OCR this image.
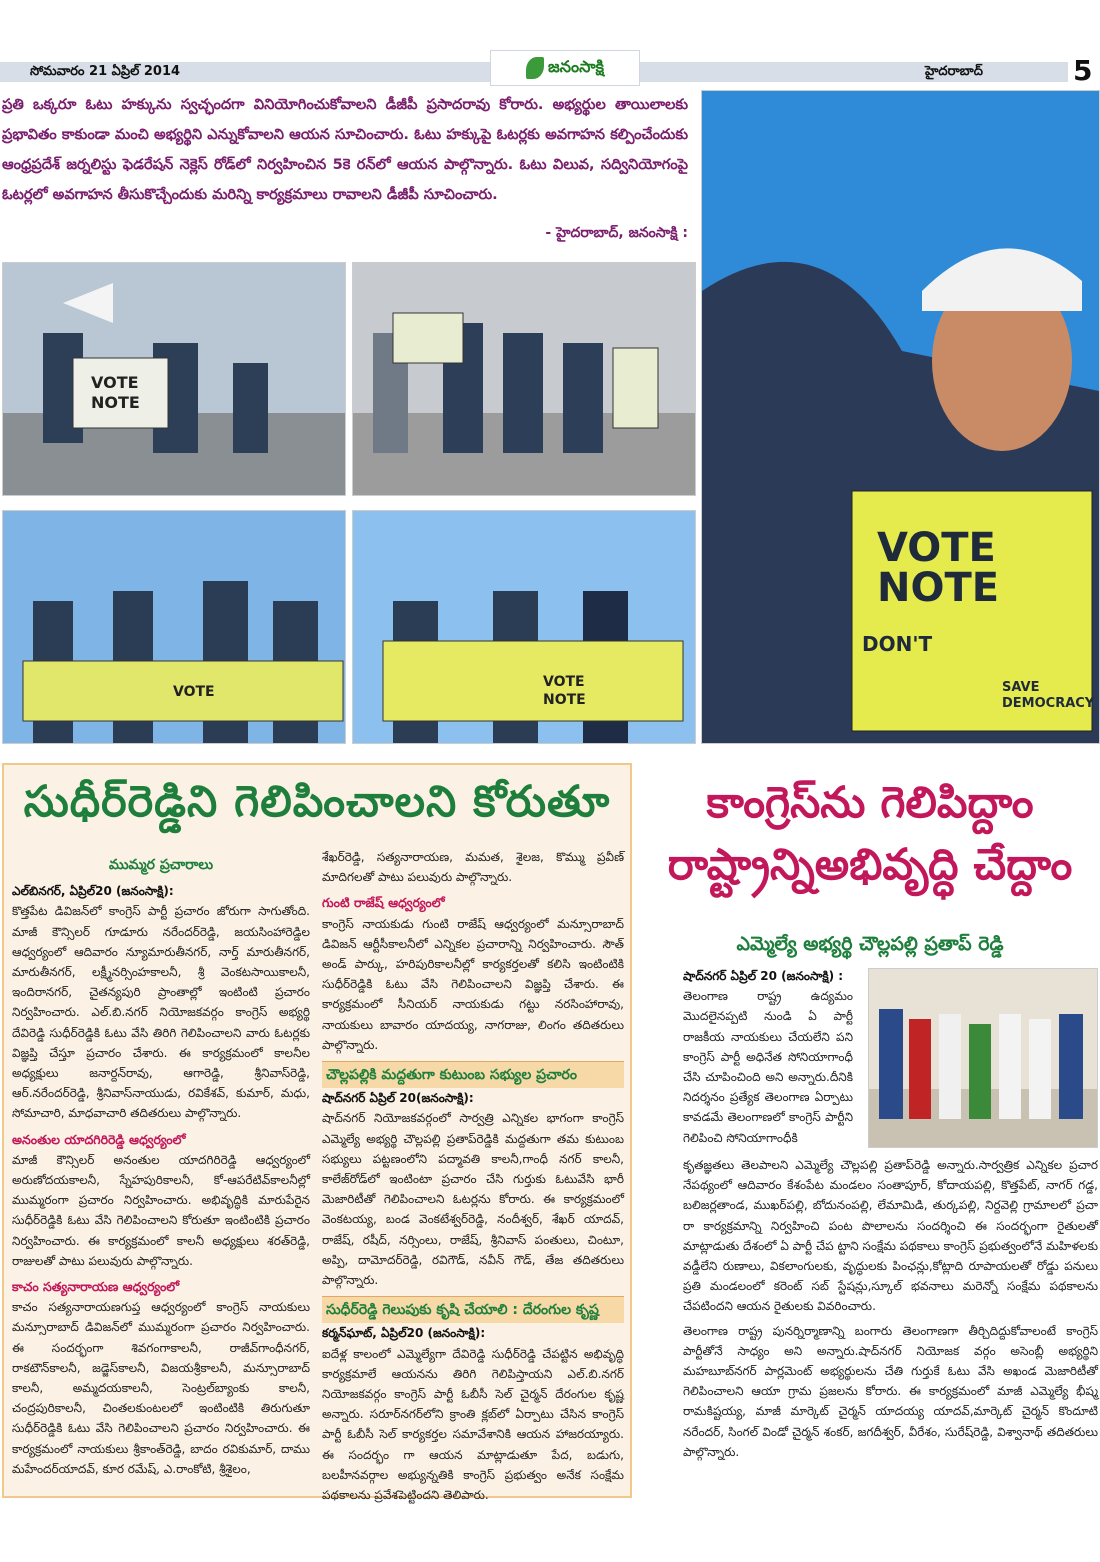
సోమవారం 21 ఏప్రిల్ 2014	జనంసాక్షి	హైదరాబాద్	5
ప్రతి ఒక్కరూ ఓటు హక్కును స్వచ్ఛందగా వినియోగించుకోవాలని డీజీపీ ప్రసాదరావు కోరారు. అభ్యర్థుల తాయిలాలకు ప్రభావితం కాకుండా మంచి అభ్యర్థిని ఎన్నుకోవాలని ఆయన సూచించారు. ఓటు హక్కుపై ఓటర్లకు అవగాహన కల్పించేందుకు ఆంధ్రప్రదేశ్ జర్నలిస్టు ఫెడరేషన్ నెక్లెస్ రోడ్‌లో నిర్వహించిన 5కె రన్‌లో ఆయన పాల్గొన్నారు. ఓటు విలువ, సద్వినియోగంపై ఓటర్లలో అవగాహన తీసుకొచ్చేందుకు మరిన్ని కార్యక్రమాలు రావాలని డీజీపీ సూచించారు.
- హైదరాబాద్, జనంసాక్షి :
VOTE
NOTE
VOTE
VOTE
NOTE
VOTE
NOTE
DON'T
SAVE
DEMOCRACY
సుధీర్‌రెడ్డిని గెలిపించాలని కోరుతూ
ముమ్మర ప్రచారాలు
ఎల్‌బినగర్, ఏప్రిల్20 (జనంసాక్షి):
కొత్తపేట డివిజన్‌లో కాంగ్రెస్ పార్టీ ప్రచారం జోరుగా సాగుతోంది. మాజీ కౌన్సిలర్ గూడూరు నరేందర్‌రెడ్డి, జయసింహారెడ్డిల ఆధ్వర్యంలో ఆదివారం న్యూమారుతీనగర్, నార్త్ మారుతీనగర్, మారుతీనగర్, లక్ష్మీనర్సింహకాలనీ, శ్రీ వెంకటసాయికాలనీ, ఇందిరానగర్, చైతన్యపురి ప్రాంతాల్లో ఇంటింటి ప్రచారం నిర్వహించారు. ఎల్.బి.నగర్ నియోజకవర్గం కాంగ్రెస్ అభ్యర్థి దేవిరెడ్డి సుధీర్‌రెడ్డికి ఓటు వేసి తిరిగి గెలిపించాలని వారు ఓటర్లకు విజ్ఞప్తి చేస్తూ ప్రచారం చేశారు. ఈ కార్యక్రమంలో కాలనీల అధ్యక్షులు జనార్దన్‌రావు, ఆగారెడ్డి, శ్రీనివాస్‌రెడ్డి, ఆర్.నరేందర్‌రెడ్డి, శ్రీనివాస్‌నాయుడు, రవికేశవ్, కుమార్, మధు, సోమాచారి, మాధవాచారి తదితరులు పాల్గొన్నారు.
అనంతుల యాదగిరిరెడ్డి ఆధ్వర్యంలో
మాజీ కౌన్సిలర్ అనంతుల యాదగిరిరెడ్డి ఆధ్వర్యంలో అరుణోదయకాలనీ, స్నేహపురికాలనీ, కో-ఆపరేటివ్‌కాలనీల్లో ముమ్మరంగా ప్రచారం నిర్వహించారు. అభివృద్ధికి మారుపేరైన సుధీర్‌రెడ్డికి ఓటు వేసి గెలిపించాలని కోరుతూ ఇంటింటికి ప్రచారం నిర్వహించారు. ఈ కార్యక్రమంలో కాలనీ అధ్యక్షులు శరత్‌రెడ్డి, రాజులతో పాటు పలువురు పాల్గొన్నారు.
కాచం సత్యనారాయణ ఆధ్వర్యంలో
కాచం సత్యనారాయణగుప్త ఆధ్వర్యంలో కాంగ్రెస్ నాయకులు మన్సూరాబాద్ డివిజన్‌లో ముమ్మరంగా ప్రచారం నిర్వహించారు. ఈ సందర్భంగా శివగంగాకాలనీ, రాజీవ్‌గాంధీనగర్, రాకటౌన్‌కాలనీ, జడ్జెస్‌కాలనీ, విజయశ్రీకాలనీ, మన్సూరాబాద్ కాలనీ, అమ్మదయకాలనీ, సెంట్రల్‌బ్యాంకు కాలనీ, చంద్రపురికాలనీ, చింతలకుంటలలో ఇంటింటికి తిరుగుతూ సుధీర్‌రెడ్డికి ఓటు వేసి గెలిపించాలని ప్రచారం నిర్వహించారు. ఈ కార్యక్రమంలో నాయకులు శ్రీకాంత్‌రెడ్డి, బాదం రవికుమార్, దాము మహేందర్‌యాదవ్, కూర రమేష్, ఎ.రాంకోటి, శ్రీశైలం,
శేఖర్‌రెడ్డి, సత్యనారాయణ, మమత, శైలజ, కొమ్ము ప్రవీణ్ మాదిగలతో పాటు పలువురు పాల్గొన్నారు.
గుంటి రాజేష్ ఆధ్వర్యంలో
కాంగ్రెస్ నాయకుడు గుంటి రాజేష్ ఆధ్వర్యంలో మన్సూరాబాద్ డివిజన్ ఆర్టీసీకాలనీలో ఎన్నికల ప్రచారాన్ని నిర్వహించారు. సౌత్ అండ్ పార్కు, హరిపురికాలనీల్లో కార్యకర్తలతో కలిసి ఇంటింటికి సుధీర్‌రెడ్డికి ఓటు వేసి గెలిపించాలని విజ్ఞప్తి చేశారు. ఈ కార్యక్రమంలో సీనియర్ నాయకుడు గట్టు నరసింహారావు, నాయకులు బావారం యాదయ్య, నాగరాజు, లింగం తదితరులు పాల్గొన్నారు.
చౌల్లపల్లికి మద్దతుగా కుటుంబ సభ్యుల ప్రచారం
షాద్‌నగర్ ఏప్రిల్ 20(జనంసాక్షి):
షాద్‌నగర్ నియోజకవర్గంలో సార్వత్రి ఎన్నికల భాగంగా కాంగ్రెస్ ఎమ్మెల్యే అభ్యర్థి చౌల్లపల్లి ప్రతాప్‌రెడ్డికి మద్దతుగా తమ కుటుంబ సభ్యులు పట్టణంలోని పద్మావతి కాలనీ,గాంధీ నగర్ కాలనీ, కాలేజ్‌రోడ్‌లో ఇంటింటా ప్రచారం చేసి గుర్తుకు ఓటువేసి భారీ మెజారిటీతో గెలిపించాలని ఓటర్లను కోరారు. ఈ కార్యక్రమంలో వెంకటయ్య, బండ వెంకటేశ్వర్‌రెడ్డి, నందీశ్వర్, శేఖర్ యాదవ్, రాజేష్, రషీద్, నర్సింలు, రాజేష్, శ్రీనివాస్ పంతులు, చింటూ, అప్పి, దామోదర్‌రెడ్డి, రవిగౌడ్, నవీన్ గౌడ్, తేజ తదితరులు పాల్గొన్నారు.
సుధీర్‌రెడ్డి గెలుపుకు కృషి చేయాలి : దేరంగుల కృష్ణ
కర్మన్‌ఘాట్, ఏప్రిల్20 (జనంసాక్షి):
ఐదేళ్ల కాలంలో ఎమ్మెల్యేగా దేవిరెడ్డి సుధీర్‌రెడ్డి చేపట్టిన అభివృద్ధి కార్యక్రమాలే ఆయనను తిరిగి గెలిపిస్తాయని ఎల్.బి.నగర్ నియోజకవర్గం కాంగ్రెస్ పార్టీ ఓబీసీ సెల్ చైర్మన్ దేరంగుల కృష్ణ అన్నారు. సరూర్‌నగర్‌లోని క్రాంతి క్లబ్‌లో ఏర్పాటు చేసిన కాంగ్రెస్ పార్టీ ఓబీసీ సెల్ కార్యకర్తల సమావేశానికి ఆయన హాజరయ్యారు. ఈ సందర్భం గా ఆయన మాట్లాడుతూ పేద, బడుగు, బలహీనవర్గాల అభ్యున్నతికి కాంగ్రెస్ ప్రభుత్వం అనేక సంక్షేమ పథకాలను ప్రవేశపెట్టిందని తెలిపారు.
కాంగ్రెస్‌ను గెలిపిద్దాం
రాష్ట్రాన్నిఅభివృద్ధి చేద్దాం
ఎమ్మెల్యే అభ్యర్థి చౌల్లపల్లి ప్రతాప్ రెడ్డి
షాద్‌నగర్ ఏప్రిల్ 20 (జనంసాక్షి) :
తెలంగాణ రాష్ట్ర ఉద్యమం మొదలైనప్పటి నుండి ఏ పార్టీ రాజకీయ నాయకులు చేయలేని పని కాంగ్రెస్ పార్టీ అధినేత సోనియాగాంధీ చేసి చూపించింది అని అన్నారు.దీనికి నిదర్శనం ప్రత్యేక తెలంగాణ ఏర్పాటు కావడమే తెలంగాణలో కాంగ్రెస్ పార్టీని గెలిపించి సోనియాగాంధీకి
కృతజ్ఞతలు తెలపాలని ఎమ్మెల్యే చౌల్లపల్లి ప్రతాప్‌రెడ్డి అన్నారు.సార్వత్రిక ఎన్నికల ప్రచార నేపథ్యంలో ఆదివారం కేశంపేట మండలం సంతాపూర్, కోదాయపల్లి, కొత్తపేట్, నాగర్ గడ్డ, బలిజర్లతాండ, ముఖర్‌పల్లి, బోదునంపల్లి, లేమామిడి, తుర్కపల్లి, నిర్దవెల్లి గ్రామాలలో ప్రచా రా కార్యక్రమాన్ని నిర్వహించి పంట పొలాలను సందర్శించి ఈ సందర్భంగా రైతులతో మాట్లాడుతు దేశంలో ఏ పార్టీ చేప ట్టాని సంక్షేమ పథకాలు కాంగ్రెస్ ప్రభుత్వంలోనే మహిళలకు వడ్డీలేని రుణాలు, వికలాంగులకు, వృద్ధులకు పింఛన్లు,కోట్లాది రూపాయలతో రోడ్డు పనులు ప్రతి మండలంలో కరెంట్ సబ్ స్టేషన్లు,స్కూల్ భవనాలు మరెన్నో సంక్షేమ పథకాలను చేపటిందని ఆయన రైతులకు వివరించారు.
తెలంగాణ రాష్ట్ర పునర్నిర్మాణాన్ని బంగారు తెలంగాణగా తీర్చిదిద్దుకోవాలంటే కాంగ్రెస్ పార్టీతోనే సాధ్యం అని అన్నారు.షాద్‌నగర్ నియోజక వర్గం అసెంబ్లీ అభ్యర్థిని మహబూబ్‌నగర్ పార్లమెంట్ అభ్యర్థులను చేతి గుర్తుకే ఓటు వేసి అఖండ మెజారిటీతో గెలిపించాలని ఆయా గ్రామ ప్రజలను కోరారు. ఈ కార్యక్రమంలో మాజీ ఎమ్మెల్యే భీష్మ రామకిష్టయ్య, మాజీ మార్కెట్ చైర్మన్ యాదయ్య యాదవ్,మార్కెట్ చైర్మన్ కొందూటి నరేందర్, సింగల్ విండో చైర్మన్ శంకర్, జగదీశ్వర్, వీరేశం, సురేష్‌రెడ్డి, విశ్వానాథ్ తదితరులు పాల్గొన్నారు.
